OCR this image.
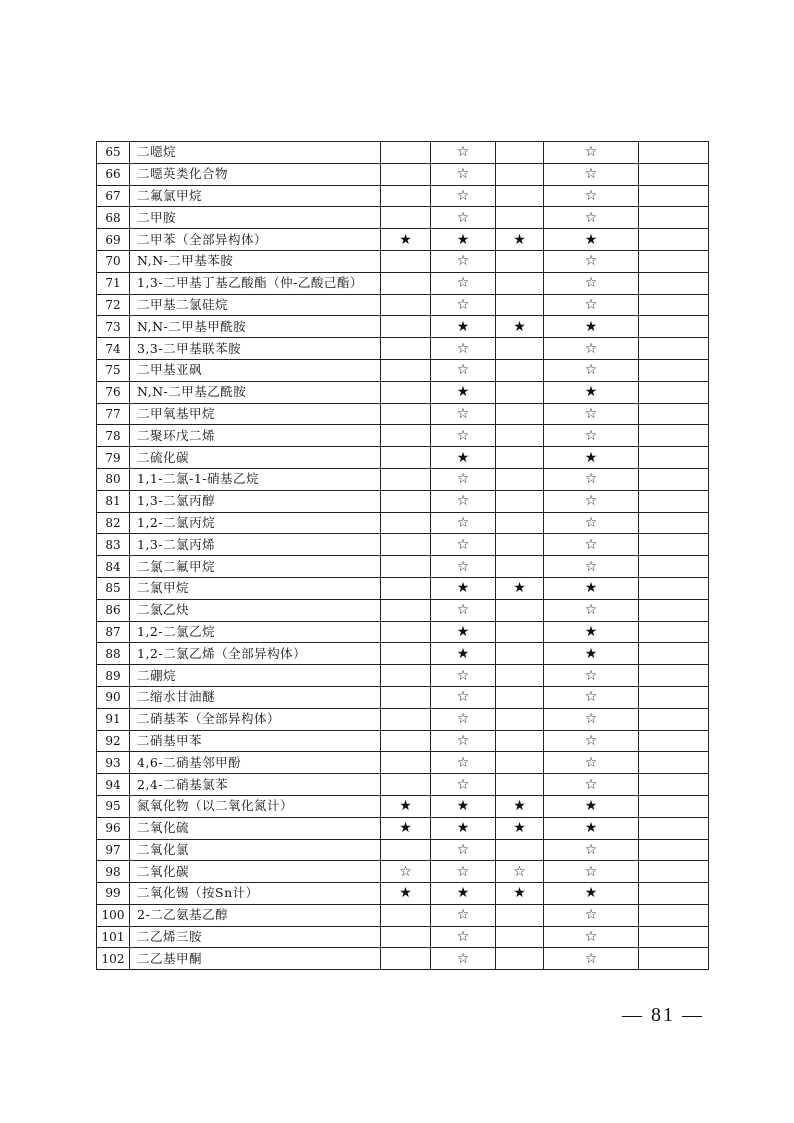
65	二噁烷		☆		☆	
66	二噁英类化合物		☆		☆	
67	二氟氯甲烷		☆		☆	
68	二甲胺		☆		☆	
69	二甲苯（全部异构体）	★	★	★	★	
70	N,N-二甲基苯胺		☆		☆	
71	1,3-二甲基丁基乙酸酯（仲-乙酸己酯）		☆		☆	
72	二甲基二氯硅烷		☆		☆	
73	N,N-二甲基甲酰胺		★	★	★	
74	3,3-二甲基联苯胺		☆		☆	
75	二甲基亚砜		☆		☆	
76	N,N-二甲基乙酰胺		★		★	
77	二甲氧基甲烷		☆		☆	
78	二聚环戊二烯		☆		☆	
79	二硫化碳		★		★	
80	1,1-二氯-1-硝基乙烷		☆		☆	
81	1,3-二氯丙醇		☆		☆	
82	1,2-二氯丙烷		☆		☆	
83	1,3-二氯丙烯		☆		☆	
84	二氯二氟甲烷		☆		☆	
85	二氯甲烷		★	★	★	
86	二氯乙炔		☆		☆	
87	1,2-二氯乙烷		★		★	
88	1,2-二氯乙烯（全部异构体）		★		★	
89	二硼烷		☆		☆	
90	二缩水甘油醚		☆		☆	
91	二硝基苯（全部异构体）		☆		☆	
92	二硝基甲苯		☆		☆	
93	4,6-二硝基邻甲酚		☆		☆	
94	2,4-二硝基氯苯		☆		☆	
95	氮氧化物（以二氧化氮计）	★	★	★	★	
96	二氧化硫	★	★	★	★	
97	二氧化氯		☆		☆	
98	二氧化碳	☆	☆	☆	☆	
99	二氧化锡（按Sn计）	★	★	★	★	
100	2-二乙氨基乙醇		☆		☆	
101	二乙烯三胺		☆		☆	
102	二乙基甲酮		☆		☆	
— 81 —
